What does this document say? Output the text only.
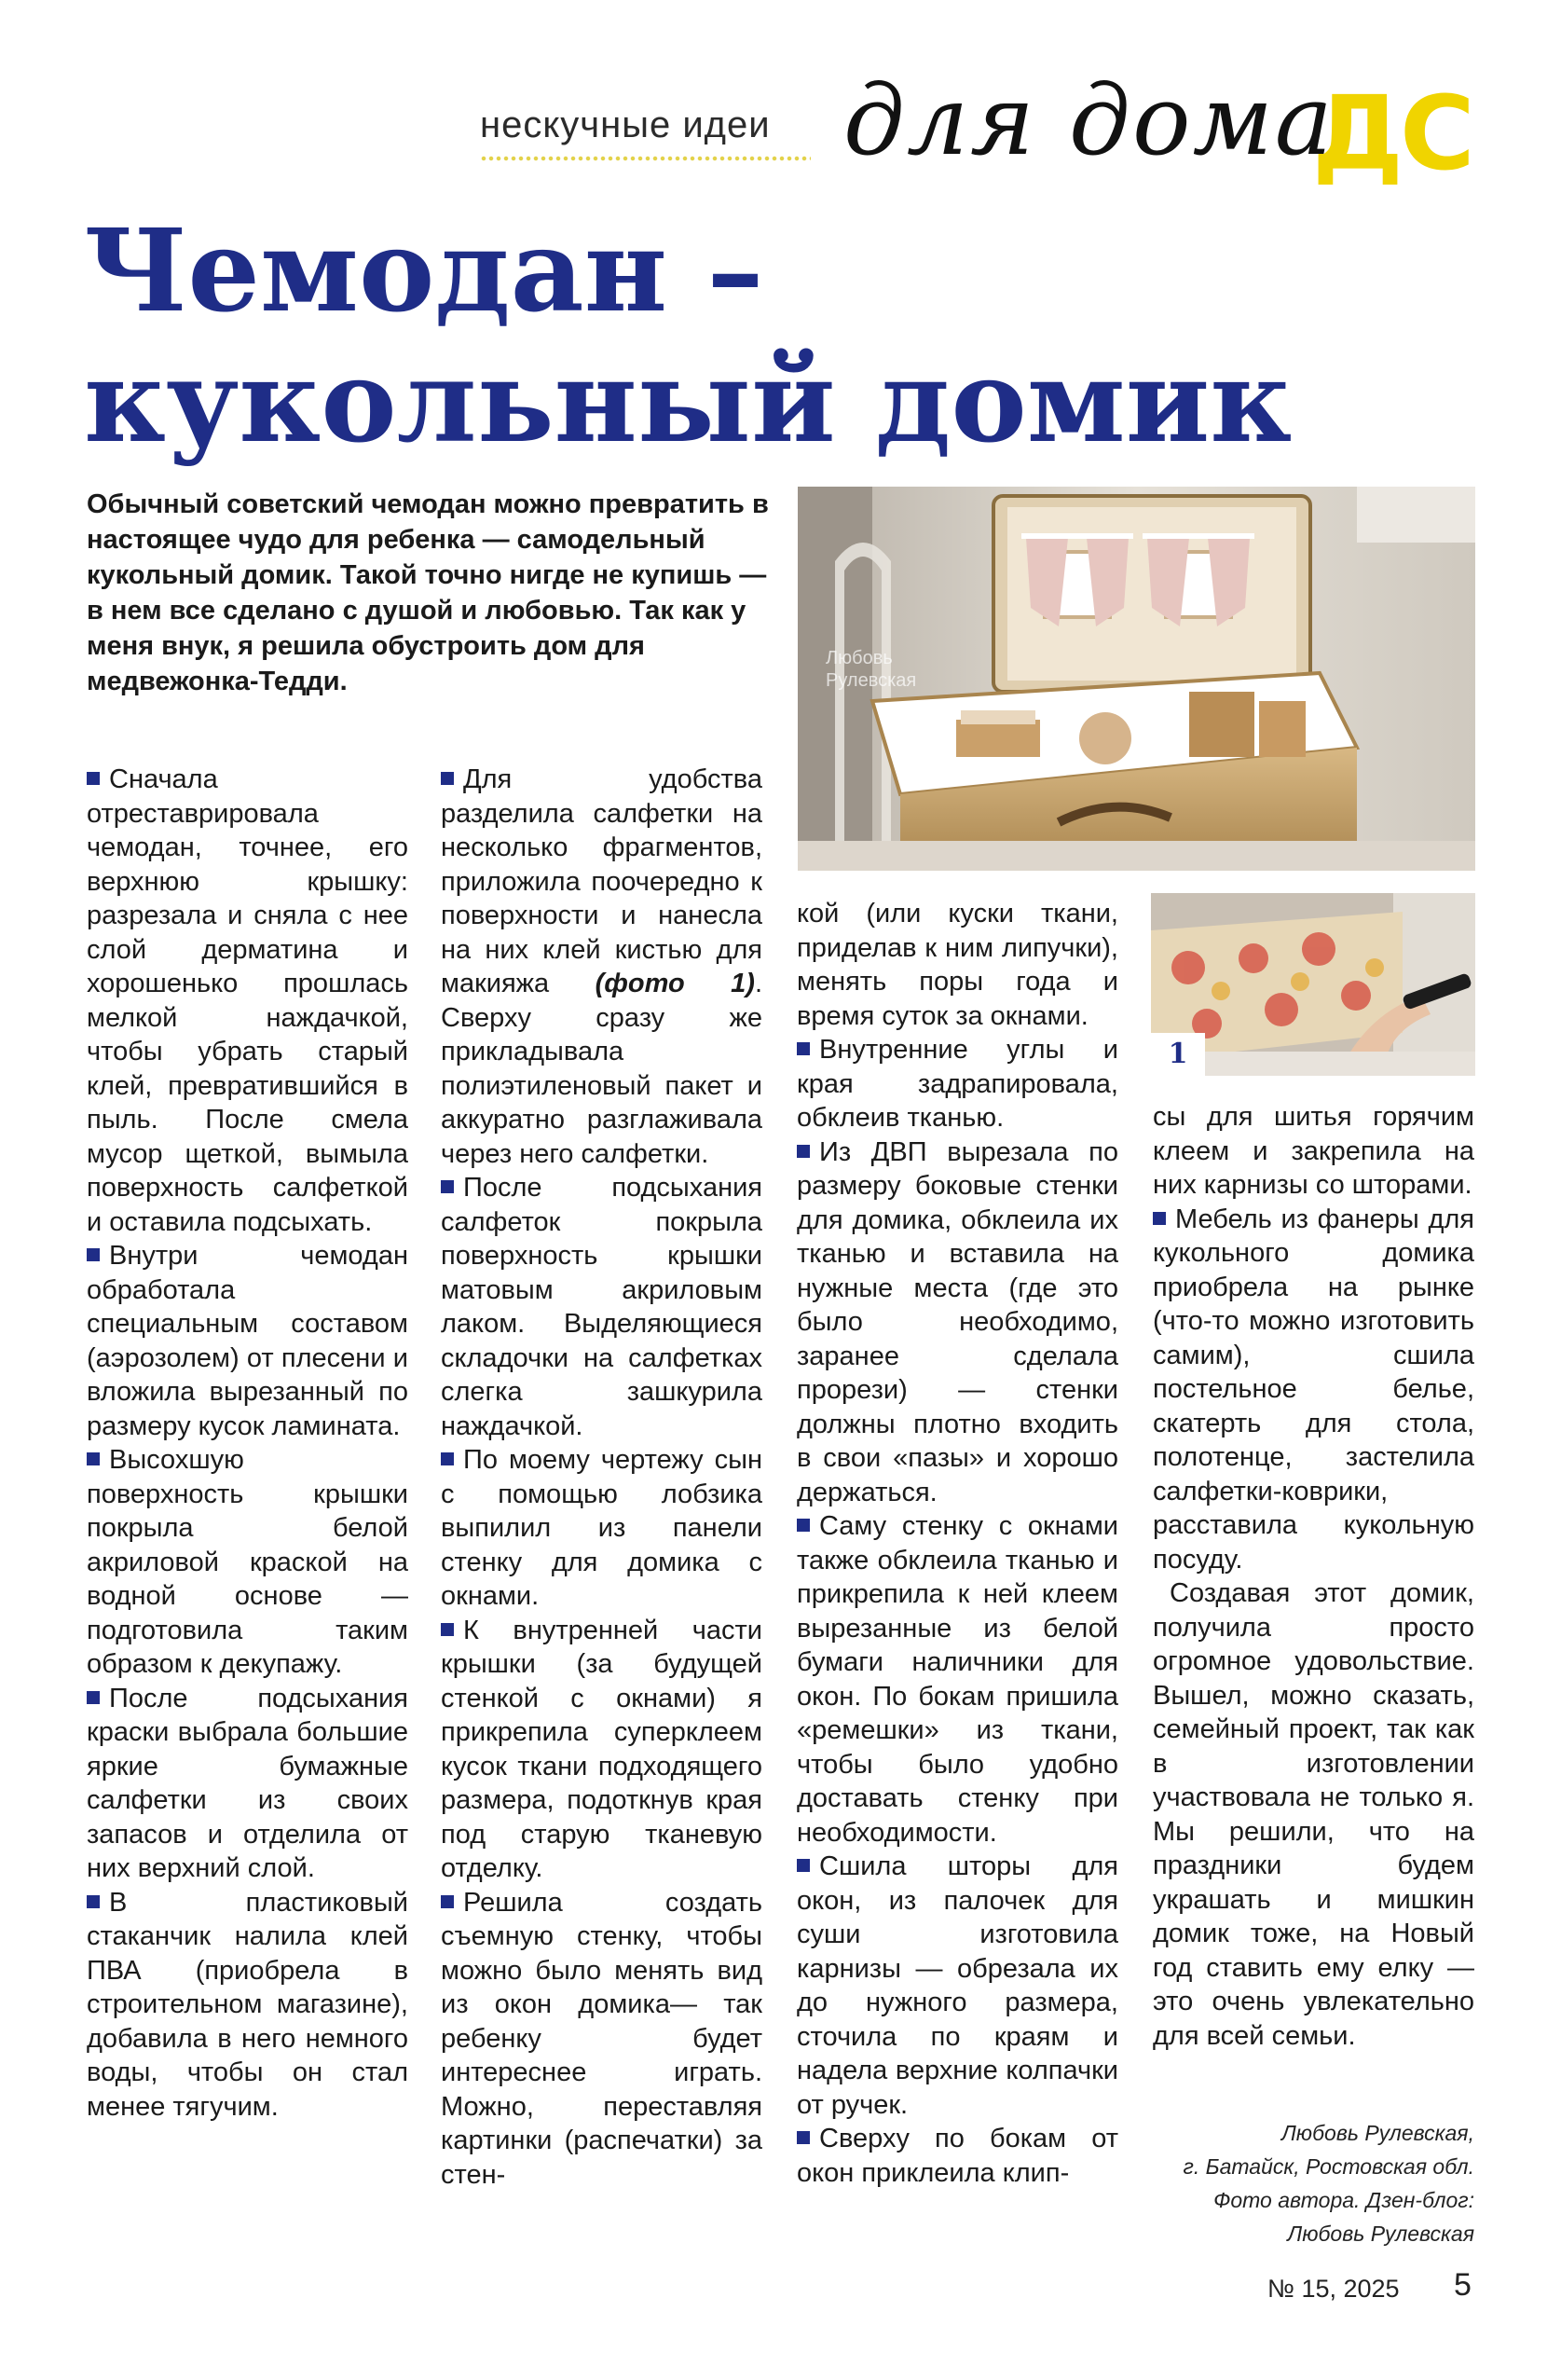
нескучные идеи для дома
ДС
Чемодан –
кукольный домик
Обычный советский чемодан можно превратить в настоящее чудо для ребенка — самодельный кукольный домик. Такой точно нигде не купишь — в нем все сделано с душой и любовью. Так как у меня внук, я решила обустроить дом для медвежонка-Тедди.
Любовь
Рулевская
1

Сначала отреставрировала чемодан, точнее, его верхнюю крышку: разрезала и сняла с нее слой дерматина и хорошенько прошлась мелкой наждачкой, чтобы убрать старый клей, превратившийся в пыль. После смела мусор щеткой, вымыла поверхность салфеткой и оставила подсыхать.

Внутри чемодан обработала специальным составом (аэрозолем) от плесени и вложила вырезанный по размеру кусок ламината.

Высохшую поверхность крышки покрыла белой акриловой краской на водной основе — подготовила таким образом к декупажу.

После подсыхания краски выбрала большие яркие бумажные салфетки из своих запасов и отделила от них верхний слой.

В пластиковый стаканчик налила клей ПВА (приобрела в строительном магазине), добавила в него немного воды, чтобы он стал менее тягучим.

Для удобства разделила салфетки на несколько фрагментов, приложила поочередно к поверхности и нанесла на них клей кистью для макияжа (фото 1). Сверху сразу же прикладывала полиэтиленовый пакет и аккуратно разглаживала через него салфетки.

После подсыхания салфеток покрыла поверхность крышки матовым акриловым лаком. Выделяющиеся складочки на салфетках слегка зашкурила наждачкой.

По моему чертежу сын с помощью лобзика выпилил из панели стенку для домика с окнами.

К внутренней части крышки (за будущей стенкой с окнами) я прикрепила суперклеем кусок ткани подходящего размера, подоткнув края под старую тканевую отделку.

Решила создать съемную стенку, чтобы можно было менять вид из окон домика— так ребенку будет интереснее играть. Можно, переставляя картинки (распечатки) за стен-

кой (или куски ткани, приделав к ним липучки), менять поры года и время суток за окнами.

Внутренние углы и края задрапировала, обклеив тканью.

Из ДВП вырезала по размеру боковые стенки для домика, обклеила их тканью и вставила на нужные места (где это было необходимо, заранее сделала прорези) — стенки должны плотно входить в свои «пазы» и хорошо держаться.

Саму стенку с окнами также обклеила тканью и прикрепила к ней клеем вырезанные из белой бумаги наличники для окон. По бокам пришила «ремешки» из ткани, чтобы было удобно доставать стенку при необходимости.

Сшила шторы для окон, из палочек для суши изготовила карнизы — обрезала их до нужного размера, сточила по краям и надела верхние колпачки от ручек.

Сверху по бокам от окон приклеила клип-

сы для шитья горячим клеем и закрепила на них карнизы со шторами.

Мебель из фанеры для кукольного домика приобрела на рынке (что-то можно изготовить самим), сшила постельное белье, скатерть для стола, полотенце, застелила салфетки-коврики, расставила кукольную посуду.

Создавая этот домик, получила просто огромное удовольствие. Вышел, можно сказать, семейный проект, так как в изготовлении участвовала не только я. Мы решили, что на праздники будем украшать и мишкин домик тоже, на Новый год ставить ему елку — это очень увлекательно для всей семьи.

Любовь Рулевская,
г. Батайск, Ростовская обл.
Фото автора. Дзен-блог:
Любовь Рулевская
№ 15, 2025 5
